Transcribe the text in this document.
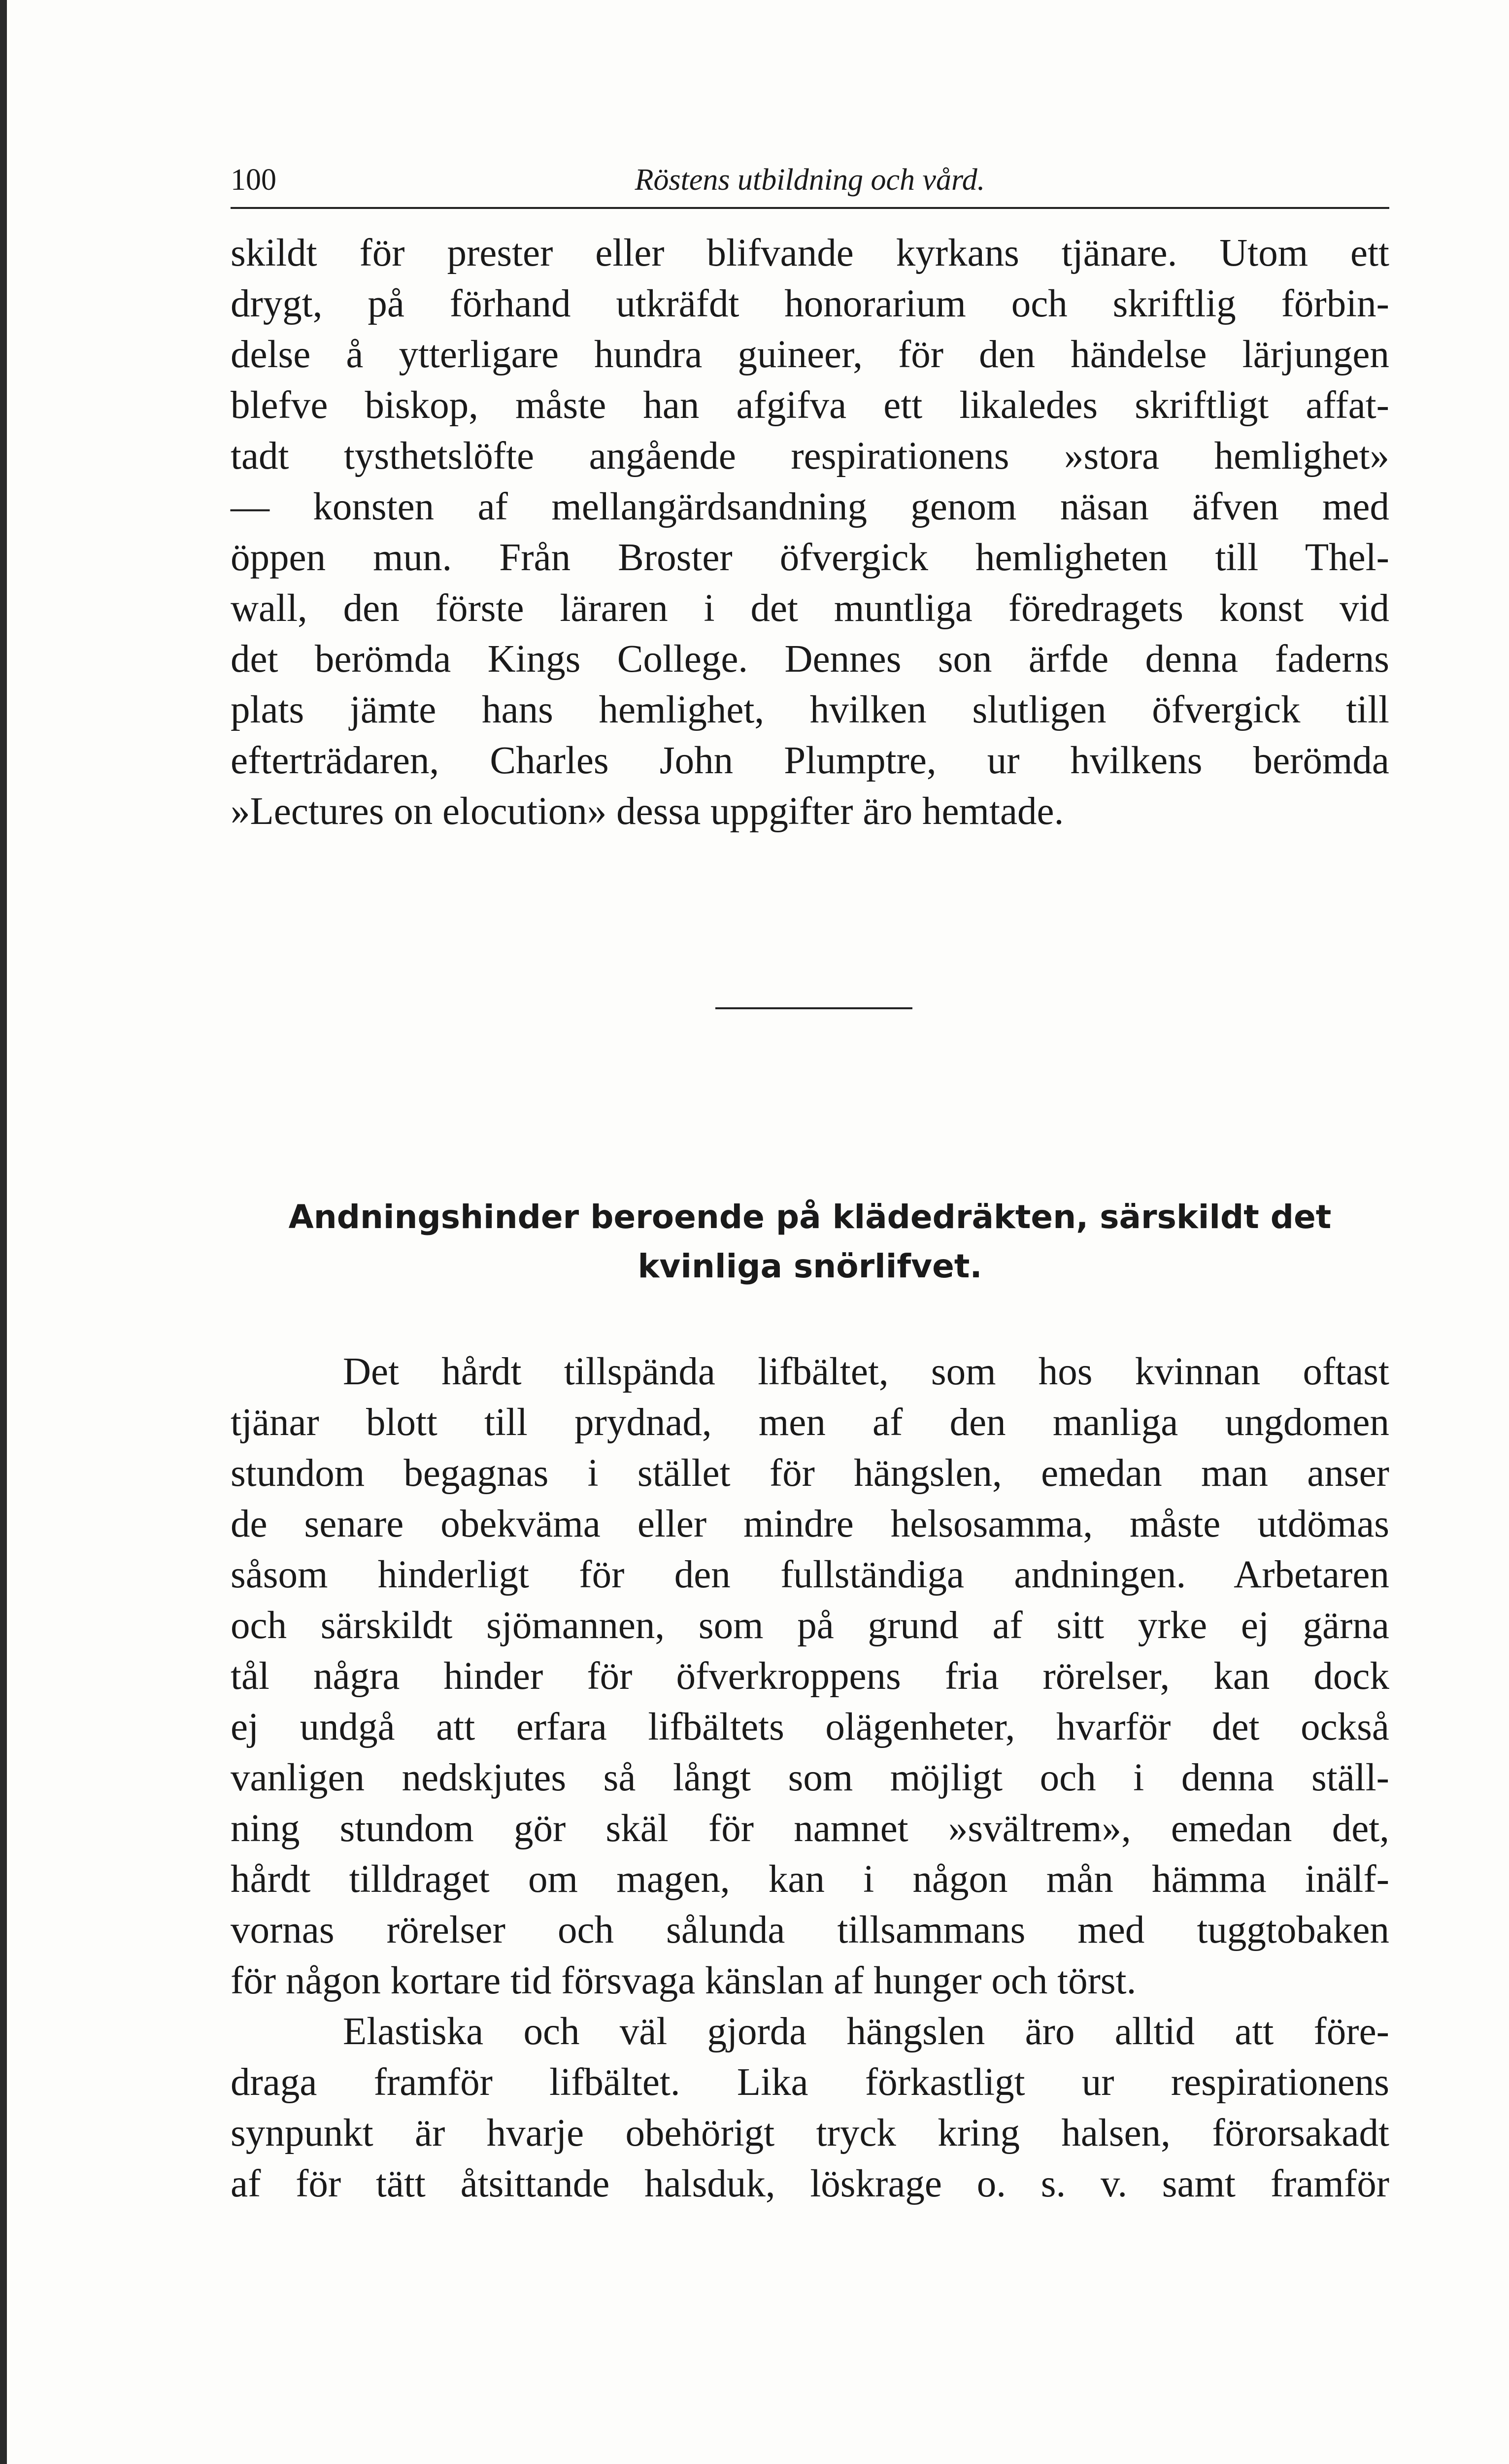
100	Röstens utbildning och vård.
skildt för prester eller blifvande kyrkans tjänare. Utom ett
drygt, på förhand utkräfdt honorarium och skriftlig förbin-
delse å ytterligare hundra guineer, för den händelse lärjungen
blefve biskop, måste han afgifva ett likaledes skriftligt affat-
tadt tysthetslöfte angående respirationens »stora hemlighet»
— konsten af mellangärdsandning genom näsan äfven med
öppen mun. Från Broster öfvergick hemligheten till Thel-
wall, den förste läraren i det muntliga föredragets konst vid
det berömda Kings College. Dennes son ärfde denna faderns
plats jämte hans hemlighet, hvilken slutligen öfvergick till
efterträdaren, Charles John Plumptre, ur hvilkens berömda
»Lectures on elocution» dessa uppgifter äro hemtade.
Andningshinder beroende på klädedräkten, särskildt det
kvinliga snörlifvet.
Det hårdt tillspända lifbältet, som hos kvinnan oftast
tjänar blott till prydnad, men af den manliga ungdomen
stundom begagnas i stället för hängslen, emedan man anser
de senare obekväma eller mindre helsosamma, måste utdömas
såsom hinderligt för den fullständiga andningen. Arbetaren
och särskildt sjömannen, som på grund af sitt yrke ej gärna
tål några hinder för öfverkroppens fria rörelser, kan dock
ej undgå att erfara lifbältets olägenheter, hvarför det också
vanligen nedskjutes så långt som möjligt och i denna ställ-
ning stundom gör skäl för namnet »svältrem», emedan det,
hårdt tilldraget om magen, kan i någon mån hämma inälf-
vornas rörelser och sålunda tillsammans med tuggtobaken
för någon kortare tid försvaga känslan af hunger och törst.
Elastiska och väl gjorda hängslen äro alltid att före-
draga framför lifbältet. Lika förkastligt ur respirationens
synpunkt är hvarje obehörigt tryck kring halsen, förorsakadt
af för tätt åtsittande halsduk, löskrage o. s. v. samt framför
